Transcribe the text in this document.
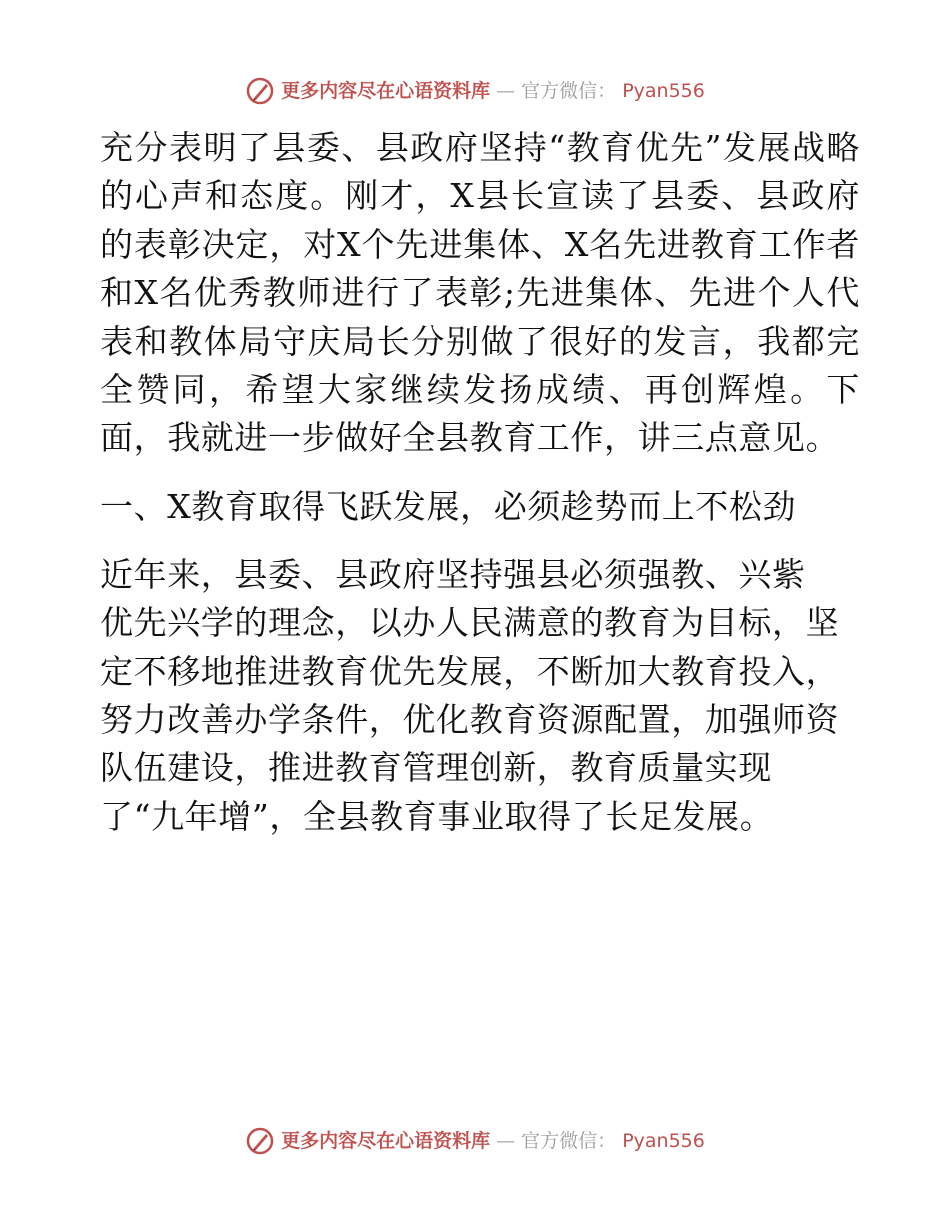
更多内容尽在心语资料库 — 官方微信： Pyan556

充分表明了县委、县政府坚持“教育优先”发展战略的心声和态度。刚才，X县长宣读了县委、县政府的表彰决定，对X个先进集体、X名先进教育工作者和X名优秀教师进行了表彰;先进集体、先进个人代表和教体局守庆局长分别做了很好的发言，我都完全赞同，希望大家继续发扬成绩、再创辉煌。下面，我就进一步做好全县教育工作，讲三点意见。

一、X教育取得飞跃发展，必须趁势而上不松劲

近年来，县委、县政府坚持强县必须强教、兴紫
优先兴学的理念，以办人民满意的教育为目标，坚
定不移地推进教育优先发展，不断加大教育投入，
努力改善办学条件，优化教育资源配置，加强师资
队伍建设，推进教育管理创新，教育质量实现
了“九年增”，全县教育事业取得了长足发展。
更多内容尽在心语资料库 — 官方微信： Pyan556
